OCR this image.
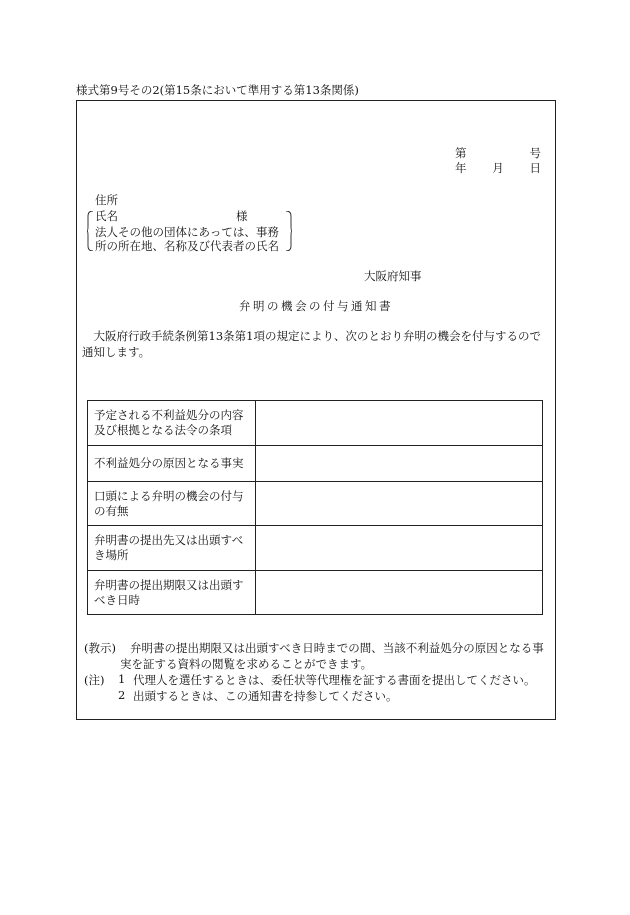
様式第9号その2(第15条において準用する第13条関係)
第	号
年 月 日
住所
氏名	様
法人その他の団体にあっては、事務
所の所在地、名称及び代表者の氏名
大阪府知事
弁明の機会の付与通知書
　大阪府行政手続条例第13条第1項の規定により、次のとおり弁明の機会を付与するので通知します。
予定される不利益処分の内容及び根拠となる法令の条項	
不利益処分の原因となる事実	
口頭による弁明の機会の付与の有無	
弁明書の提出先又は出頭すべき場所	
弁明書の提出期限又は出頭すべき日時	
(教示) 弁明書の提出期限又は出頭すべき日時までの間、当該不利益処分の原因となる事
実を証する資料の閲覧を求めることができます。
(注) 1 代理人を選任するときは、委任状等代理権を証する書面を提出してください。
2 出頭するときは、この通知書を持参してください。
